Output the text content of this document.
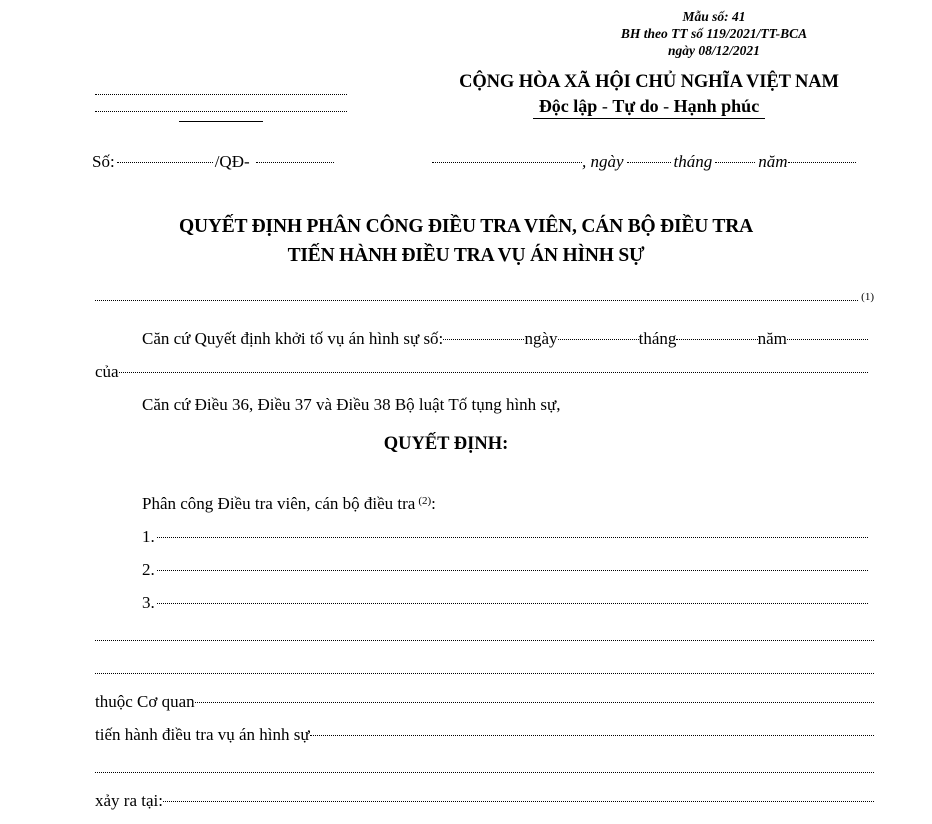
Mẫu số: 41
BH theo TT số 119/2021/TT-BCA
ngày 08/12/2021
CỘNG HÒA XÃ HỘI CHỦ NGHĨA VIỆT NAM
Độc lập - Tự do - Hạnh phúc
Số:	/QĐ-	,
ngày	tháng	năm
QUYẾT ĐỊNH PHÂN CÔNG ĐIỀU TRA VIÊN, CÁN BỘ ĐIỀU TRA
TIẾN HÀNH ĐIỀU TRA VỤ ÁN HÌNH SỰ
(1)
Căn cứ Quyết định khởi tố vụ án hình sự số:	ngày	tháng	năm
của
Căn cứ Điều 36, Điều 37 và Điều 38 Bộ luật Tố tụng hình sự,
QUYẾT ĐỊNH:
Phân công Điều tra viên, cán bộ điều tra (2) :
1.
2.
3.
thuộc Cơ quan
tiến hành điều tra vụ án hình sự
xảy ra tại:
